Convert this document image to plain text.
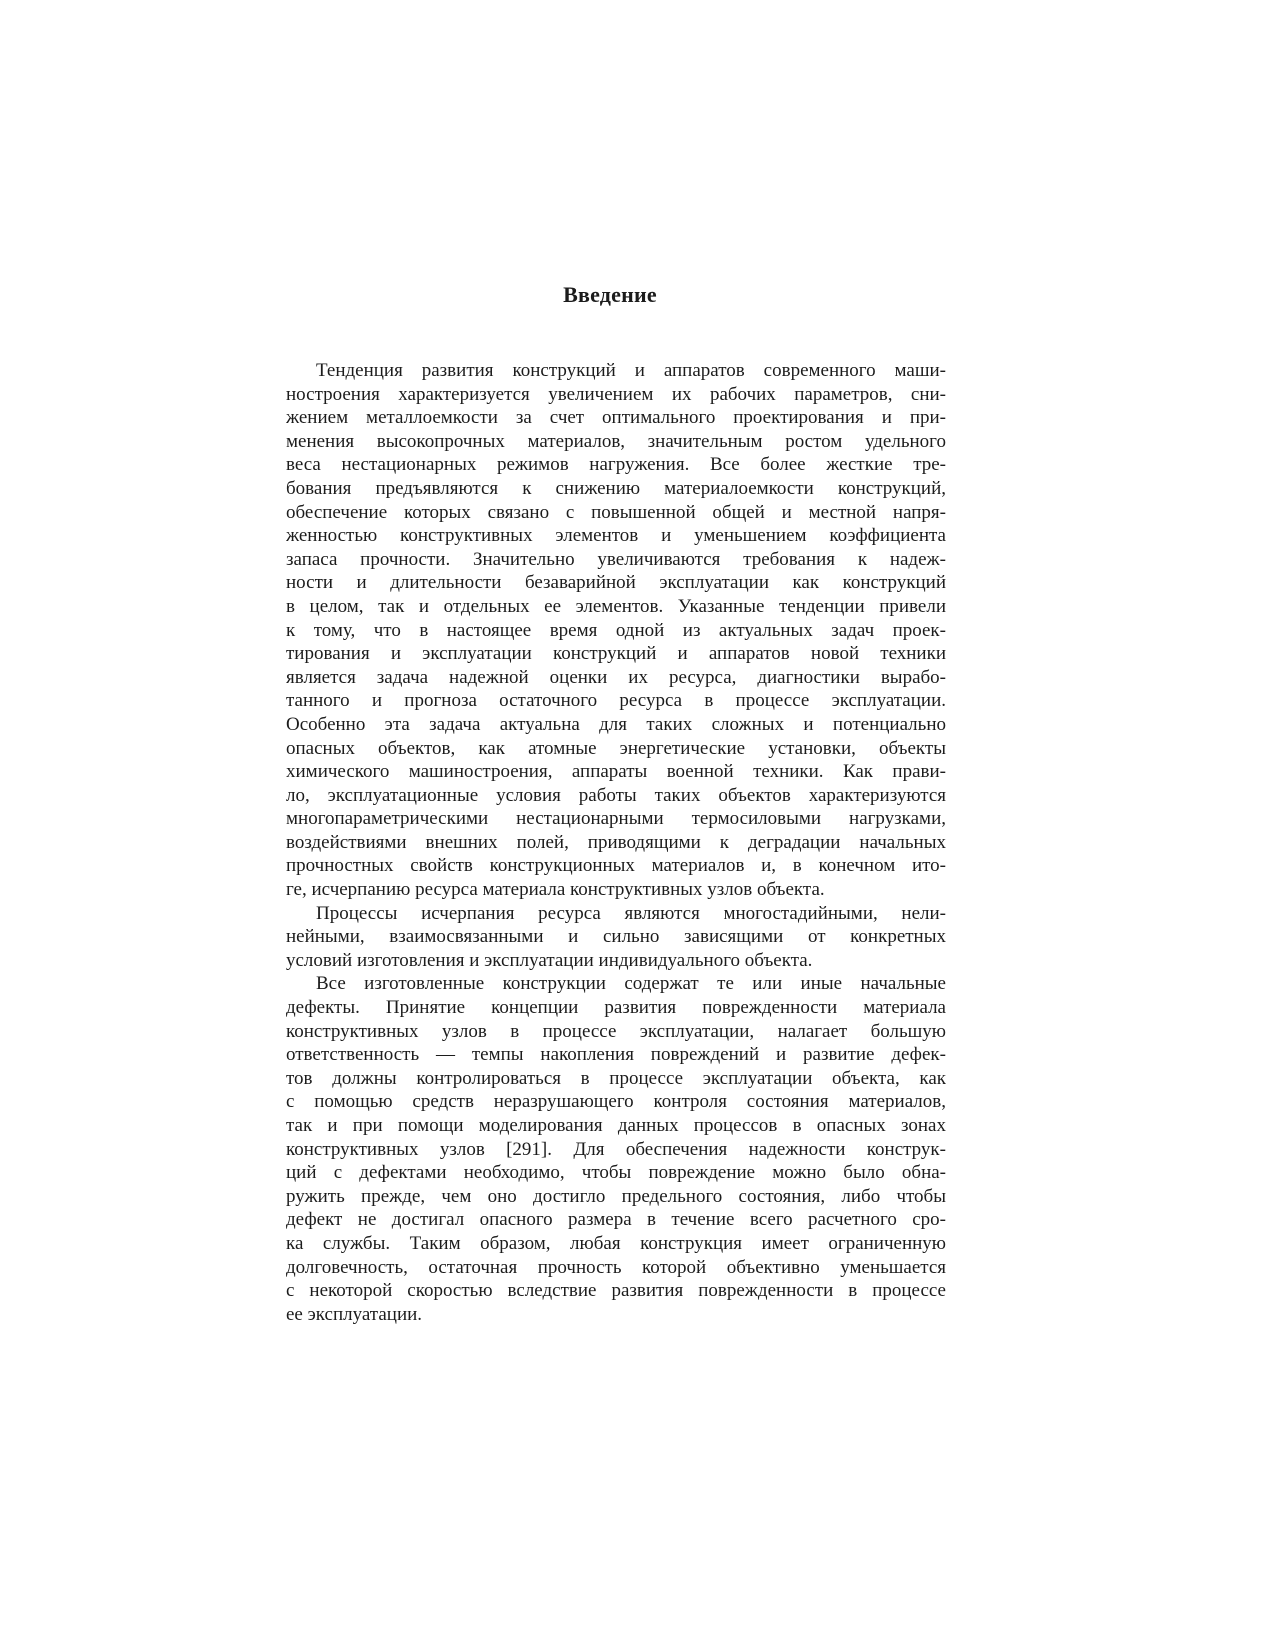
Введение
Тенденция развития конструкций и аппаратов современного маши-
ностроения характеризуется увеличением их рабочих параметров, сни-
жением металлоемкости за счет оптимального проектирования и при-
менения высокопрочных материалов, значительным ростом удельного
веса нестационарных режимов нагружения. Все более жесткие тре-
бования предъявляются к снижению материалоемкости конструкций,
обеспечение которых связано с повышенной общей и местной напря-
женностью конструктивных элементов и уменьшением коэффициента
запаса прочности. Значительно увеличиваются требования к надеж-
ности и длительности безаварийной эксплуатации как конструкций
в целом, так и отдельных ее элементов. Указанные тенденции привели
к тому, что в настоящее время одной из актуальных задач проек-
тирования и эксплуатации конструкций и аппаратов новой техники
является задача надежной оценки их ресурса, диагностики вырабо-
танного и прогноза остаточного ресурса в процессе эксплуатации.
Особенно эта задача актуальна для таких сложных и потенциально
опасных объектов, как атомные энергетические установки, объекты
химического машиностроения, аппараты военной техники. Как прави-
ло, эксплуатационные условия работы таких объектов характеризуются
многопараметрическими нестационарными термосиловыми нагрузками,
воздействиями внешних полей, приводящими к деградации начальных
прочностных свойств конструкционных материалов и, в конечном ито-
ге, исчерпанию ресурса материала конструктивных узлов объекта.
Процессы исчерпания ресурса являются многостадийными, нели-
нейными, взаимосвязанными и сильно зависящими от конкретных
условий изготовления и эксплуатации индивидуального объекта.
Все изготовленные конструкции содержат те или иные начальные
дефекты. Принятие концепции развития поврежденности материала
конструктивных узлов в процессе эксплуатации, налагает большую
ответственность — темпы накопления повреждений и развитие дефек-
тов должны контролироваться в процессе эксплуатации объекта, как
с помощью средств неразрушающего контроля состояния материалов,
так и при помощи моделирования данных процессов в опасных зонах
конструктивных узлов [291]. Для обеспечения надежности конструк-
ций с дефектами необходимо, чтобы повреждение можно было обна-
ружить прежде, чем оно достигло предельного состояния, либо чтобы
дефект не достигал опасного размера в течение всего расчетного сро-
ка службы. Таким образом, любая конструкция имеет ограниченную
долговечность, остаточная прочность которой объективно уменьшается
с некоторой скоростью вследствие развития поврежденности в процессе
ее эксплуатации.
